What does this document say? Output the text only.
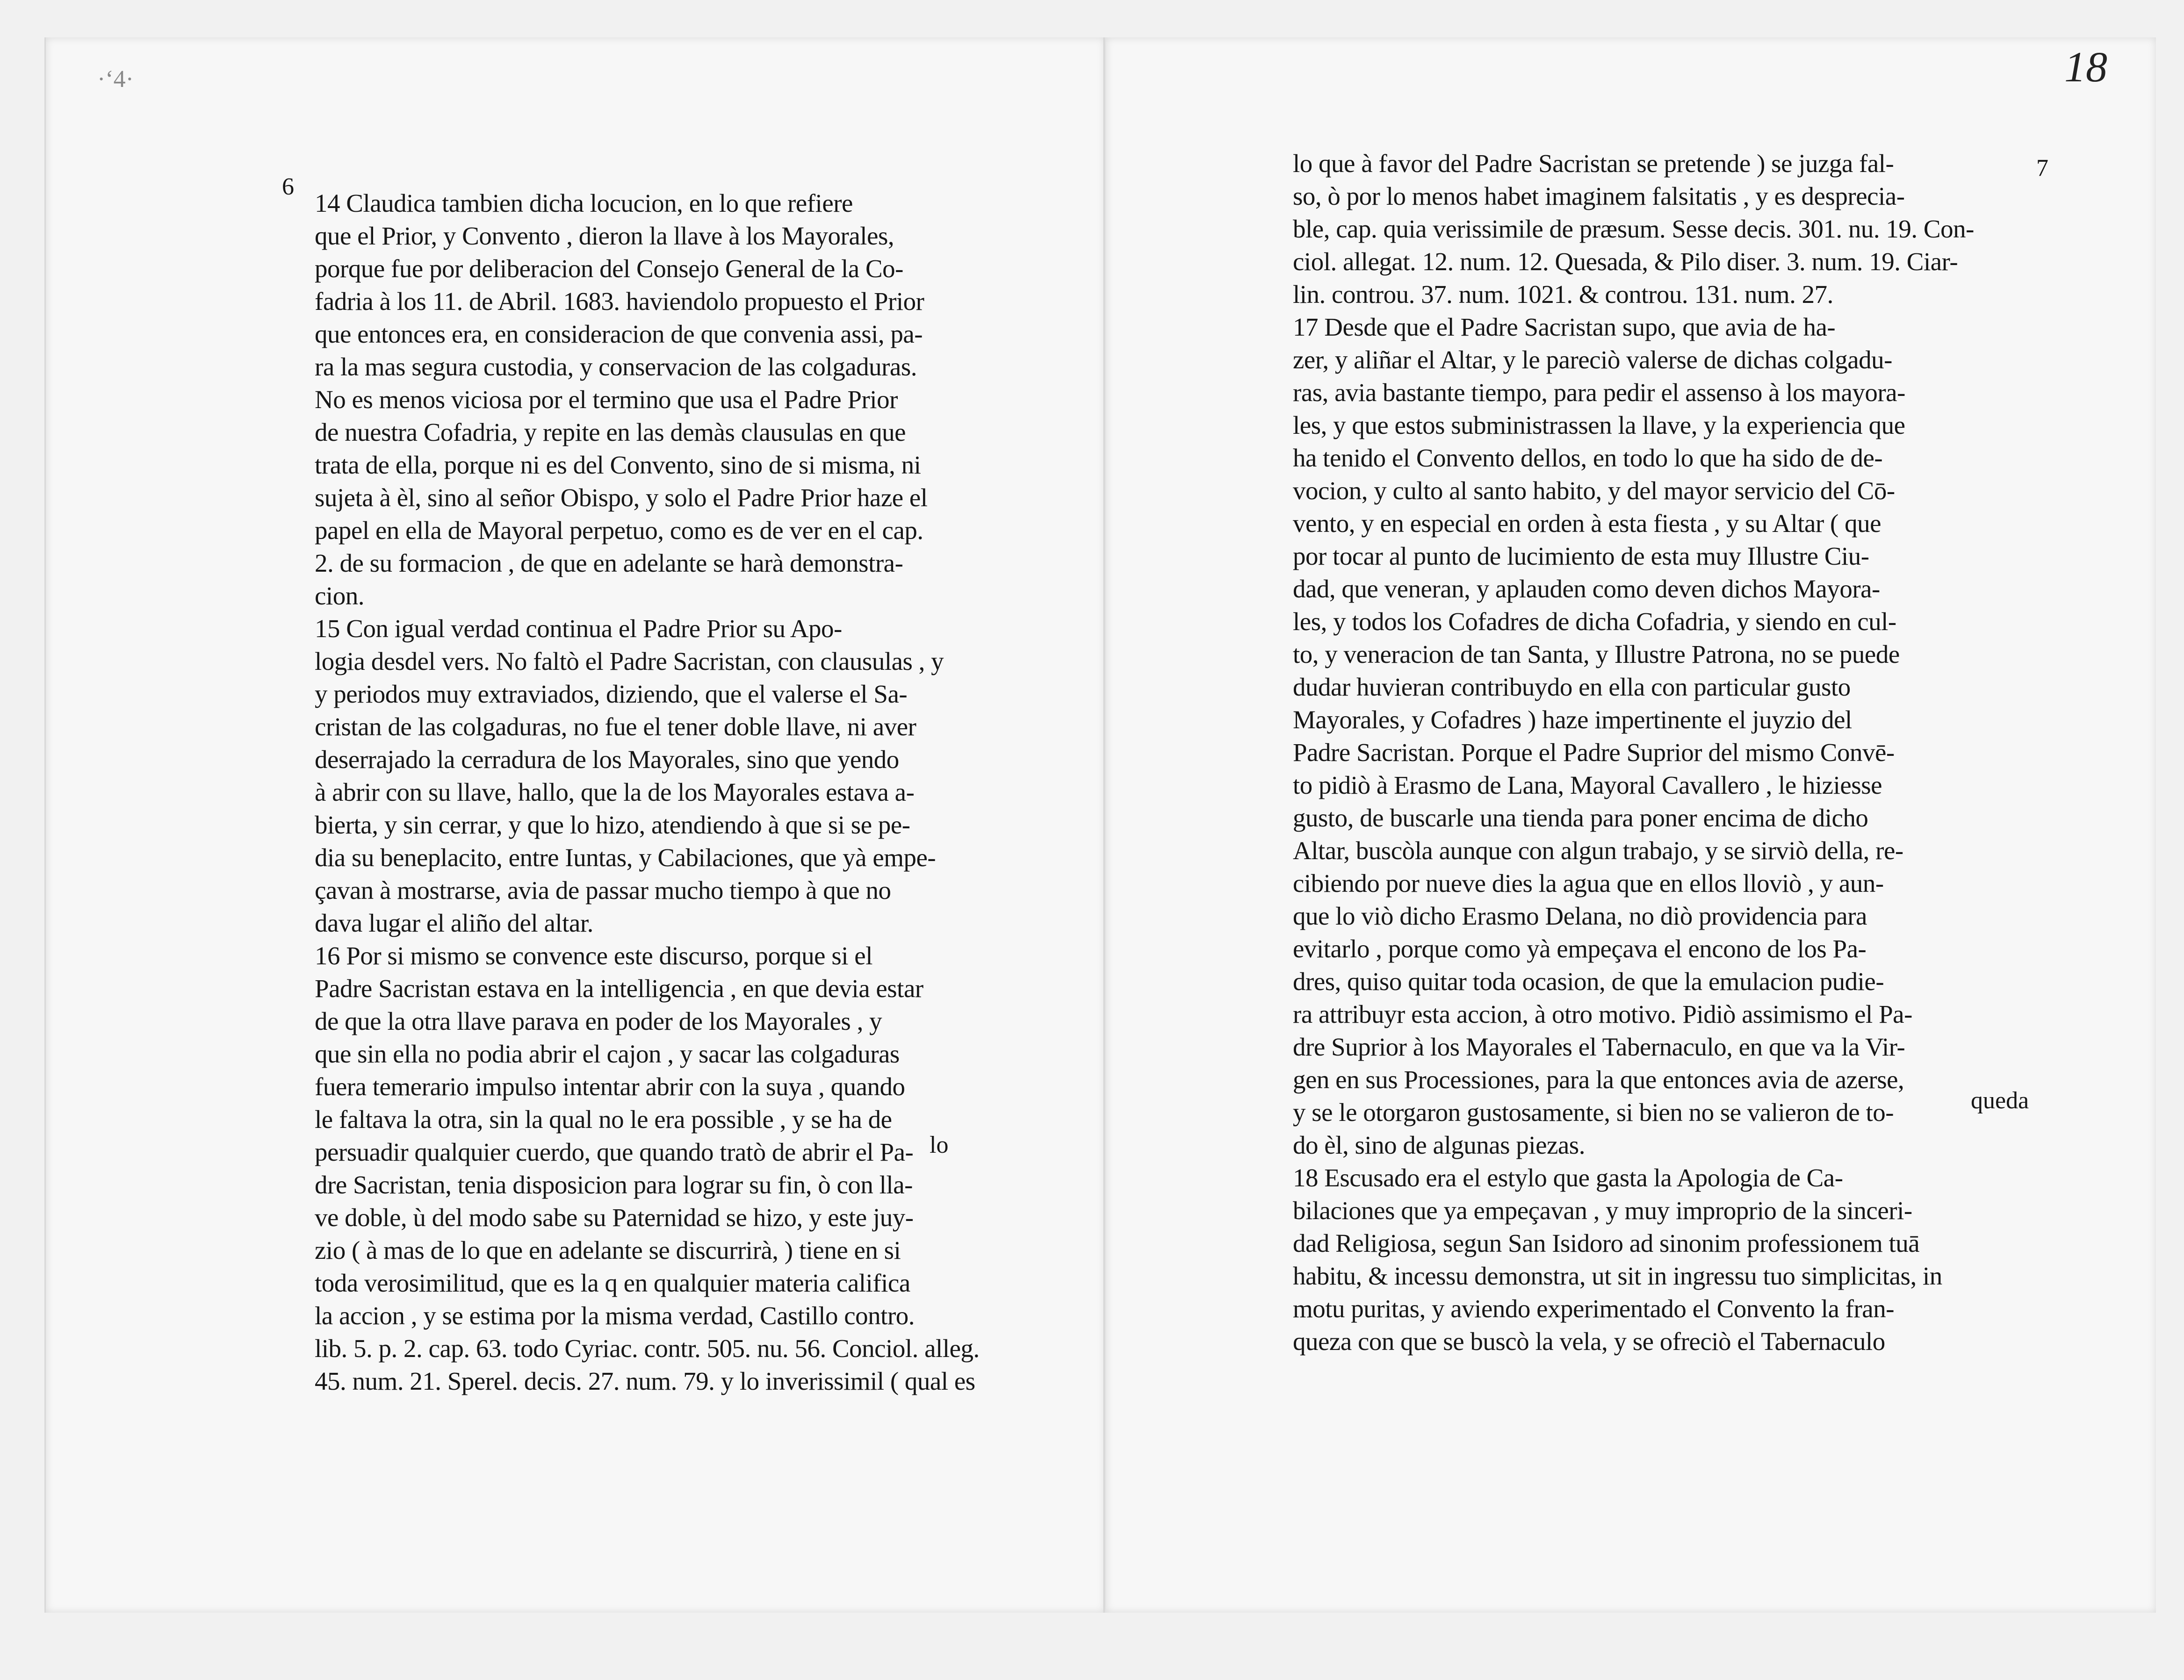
·ʻ4·
6
14 Claudica tambien dicha locucion, en lo que refiere
que el Prior, y Convento , dieron la llave à los Mayorales,
porque fue por deliberacion del Consejo General de la Co-
fadria à los 11. de Abril. 1683. haviendolo propuesto el Prior
que entonces era, en consideracion de que convenia assi, pa-
ra la mas segura custodia, y conservacion de las colgaduras.
No es menos viciosa por el termino que usa el Padre Prior
de nuestra Cofadria, y repite en las demàs clausulas en que
trata de ella, porque ni es del Convento, sino de si misma, ni
sujeta à èl, sino al señor Obispo, y solo el Padre Prior haze el
papel en ella de Mayoral perpetuo, como es de ver en el cap.
2. de su formacion , de que en adelante se harà demonstra-
cion.
15 Con igual verdad continua el Padre Prior su Apo-
logia desdel vers. No faltò el Padre Sacristan, con clausulas , y
y periodos muy extraviados, diziendo, que el valerse el Sa-
cristan de las colgaduras, no fue el tener doble llave, ni aver
deserrajado la cerradura de los Mayorales, sino que yendo
à abrir con su llave, hallo, que la de los Mayorales estava a-
bierta, y sin cerrar, y que lo hizo, atendiendo à que si se pe-
dia su beneplacito, entre Iuntas, y Cabilaciones, que yà empe-
çavan à mostrarse, avia de passar mucho tiempo à que no
dava lugar el aliño del altar.
16 Por si mismo se convence este discurso, porque si el
Padre Sacristan estava en la intelligencia , en que devia estar
de que la otra llave parava en poder de los Mayorales , y
que sin ella no podia abrir el cajon , y sacar las colgaduras
fuera temerario impulso intentar abrir con la suya , quando
le faltava la otra, sin la qual no le era possible , y se ha de
persuadir qualquier cuerdo, que quando tratò de abrir el Pa-
dre Sacristan, tenia disposicion para lograr su fin, ò con lla-
ve doble, ù del modo sabe su Paternidad se hizo, y este juy-
zio ( à mas de lo que en adelante se discurrirà, ) tiene en si
toda verosimilitud, que es la q en qualquier materia califica
la accion , y se estima por la misma verdad, Castillo contro.
lib. 5. p. 2. cap. 63. todo Cyriac. contr. 505. nu. 56. Conciol. alleg.
45. num. 21. Sperel. decis. 27. num. 79. y lo inverissimil ( qual es
lo
18
7
lo que à favor del Padre Sacristan se pretende ) se juzga fal-
so, ò por lo menos habet imaginem falsitatis , y es despreciа-
ble, cap. quia verissimile de præsum. Sesse decis. 301. nu. 19. Con-
ciol. allegat. 12. num. 12. Quesada, & Pilo diser. 3. num. 19. Ciar-
lin. controu. 37. num. 1021. & controu. 131. num. 27.
17 Desde que el Padre Sacristan supo, que avia de ha-
zer, y aliñar el Altar, y le pareciò valerse de dichas colgadu-
ras, avia bastante tiempo, para pedir el assenso à los mayora-
les, y que estos subministrassen la llave, y la experiencia que
ha tenido el Convento dellos, en todo lo que ha sido de de-
vocion, y culto al santo habito, y del mayor servicio del Cō-
vento, y en especial en orden à esta fiesta , y su Altar ( que
por tocar al punto de lucimiento de esta muy Illustre Ciu-
dad, que veneran, y aplauden como deven dichos Mayora-
les, y todos los Cofadres de dicha Cofadria, y siendo en cul-
to, y veneracion de tan Santa, y Illustre Patrona, no se puede
dudar huvieran contribuydo en ella con particular gusto
Mayorales, y Cofadres ) haze impertinente el juyzio del
Padre Sacristan. Porque el Padre Suprior del mismo Convē-
to pidiò à Erasmo de Lana, Mayoral Cavallero , le hiziesse
gusto, de buscarle una tienda para poner encima de dicho
Altar, buscòla aunque con algun trabajo, y se sirviò della, re-
cibiendo por nueve dies la agua que en ellos lloviò , y aun-
que lo viò dicho Erasmo Delana, no diò providencia para
evitarlo , porque como yà empeçava el encono de los Pa-
dres, quiso quitar toda ocasion, de que la emulacion pudie-
ra attribuyr esta accion, à otro motivo. Pidiò assimismo el Pa-
dre Suprior à los Mayorales el Tabernaculo, en que va la Vir-
gen en sus Processiones, para la que entonces avia de azerse,
y se le otorgaron gustosamente, si bien no se valieron de to-
do èl, sino de algunas piezas.
18 Escusado era el estylo que gasta la Apologia de Ca-
bilaciones que ya empeçavan , y muy improprio de la sinceri-
dad Religiosa, segun San Isidoro ad sinonim professionem tuā
habitu, & incessu demonstra, ut sit in ingressu tuo simplicitas, in
motu puritas, y aviendo experimentado el Convento la fran-
queza con que se buscò la vela, y se ofreciò el Tabernaculo
queda
